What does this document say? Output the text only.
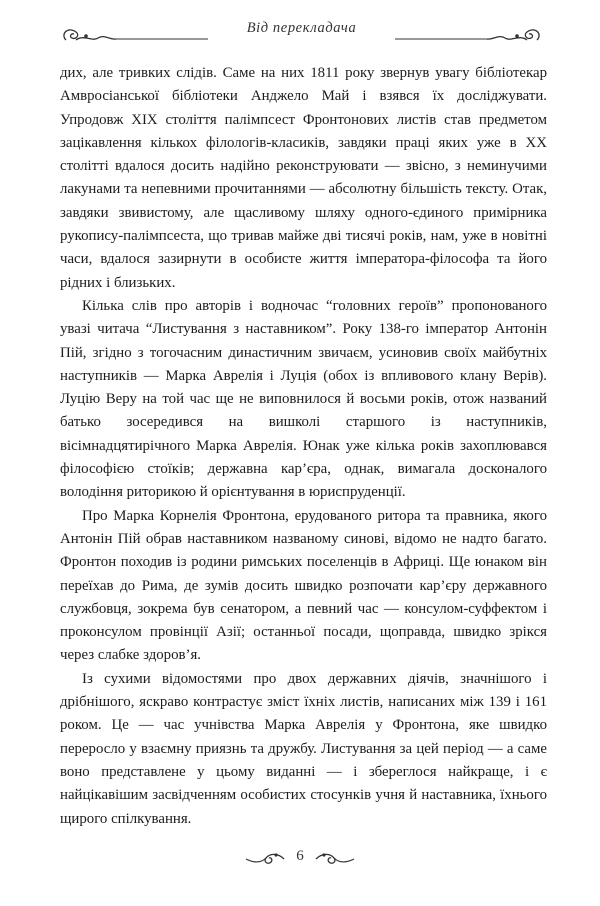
Від перекладача

дих, але тривких слідів. Саме на них 1811 року звернув увагу бібліотекар Амвросіанської бібліотеки Анджело Май і взявся їх досліджувати. Упродовж ХІХ століття палімпсест Фронтонових листів став предметом зацікавлення кількох філологів-класиків, завдяки праці яких уже в ХХ столітті вдалося досить надійно реконструювати — звісно, з неминучими лакунами та непевними прочитаннями — абсолютну більшість тексту. Отак, завдяки звивистому, але щасливому шляху одного-єдиного примірника рукопису-палімпсеста, що тривав майже дві тисячі років, нам, уже в новітні часи, вдалося зазирнути в особисте життя імператора-філософа та його рідних і близьких.

Кілька слів про авторів і водночас “головних героїв” пропонованого увазі читача “Листування з наставником”. Року 138-го імператор Антонін Пій, згідно з тогочасним династичним звичаєм, усиновив своїх майбутніх наступників — Марка Аврелія і Луція (обох із впливового клану Верів). Луцію Веру на той час ще не виповнилося й восьми років, отож названий батько зосередився на вишколі старшого із наступників, вісімнадцятирічного Марка Аврелія. Юнак уже кілька років захоплювався філософією стоїків; державна кар’єра, однак, вимагала досконалого володіння риторикою й орієнтування в юриспруденції.

Про Марка Корнелія Фронтона, ерудованого ритора та правника, якого Антонін Пій обрав наставником названому синові, відомо не надто багато. Фронтон походив із родини римських поселенців в Африці. Ще юнаком він переїхав до Рима, де зумів досить швидко розпочати кар’єру державного службовця, зокрема був сенатором, а певний час — консулом-суффектом і проконсулом провінції Азії; останньої посади, щоправда, швидко зрікся через слабке здоров’я.

Із сухими відомостями про двох державних діячів, значнішого і дрібнішого, яскраво контрастує зміст їхніх листів, написаних між 139 і 161 роком. Це — час учнівства Марка Аврелія у Фронтона, яке швидко переросло у взаємну приязнь та дружбу. Листування за цей період — а саме воно представлене у цьому виданні — і збереглося найкраще, і є найцікавішим засвідченням особистих стосунків учня й наставника, їхнього щирого спілкування.

6
